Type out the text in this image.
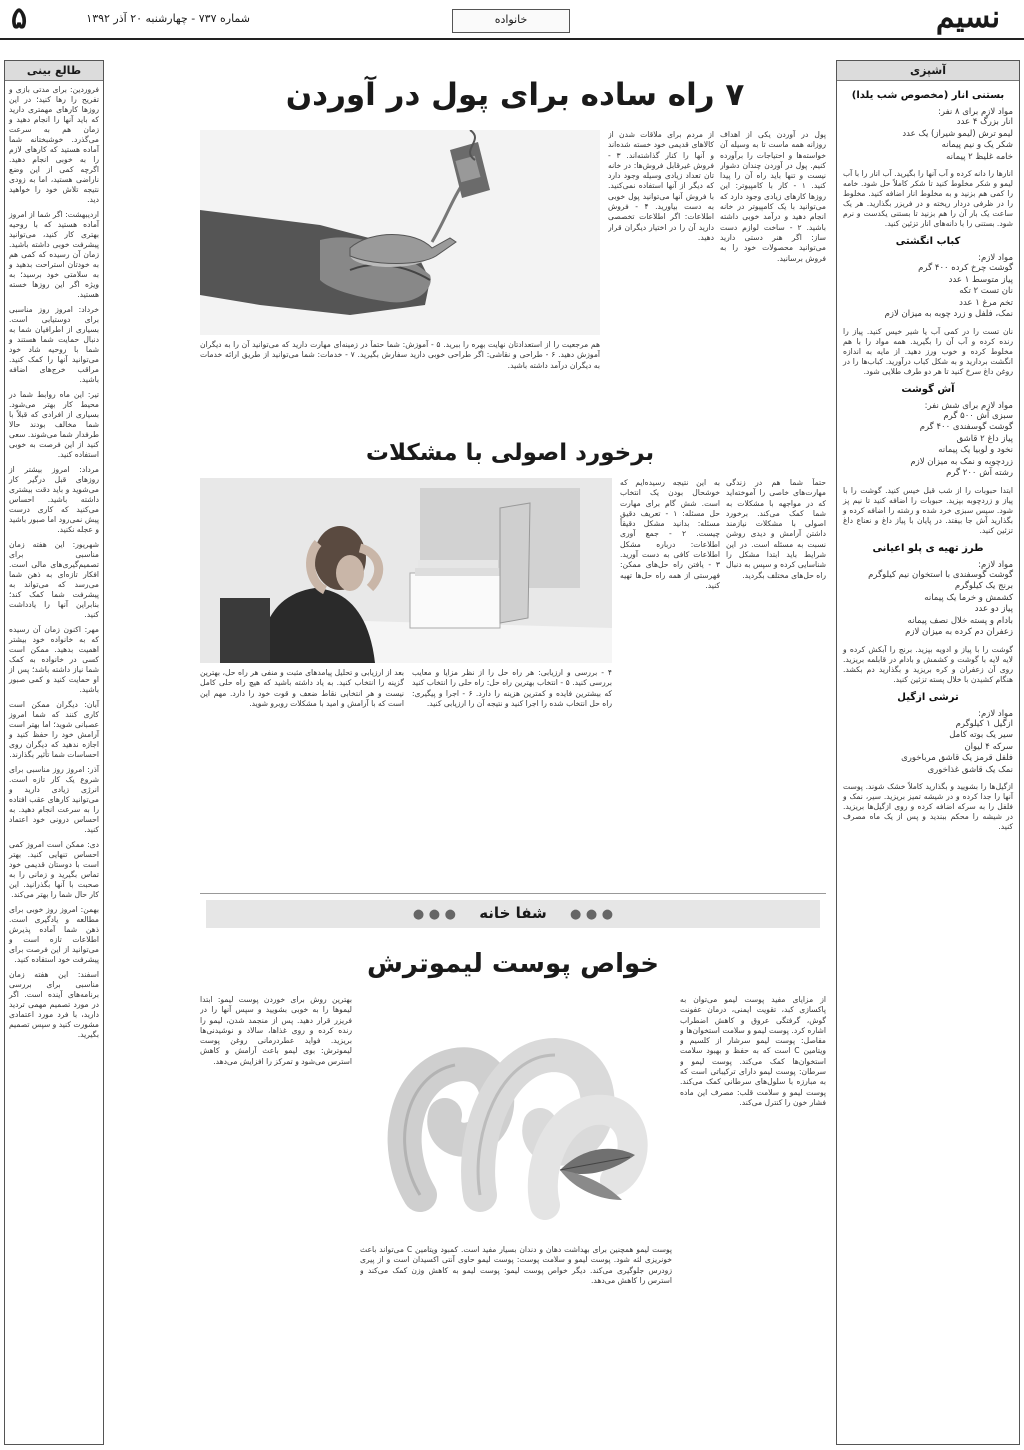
۵	شماره ۷۳۷ - چهارشنبه ۲۰ آذر ۱۳۹۲	خانواده	نسیم
طالع بینی

فروردین: برای مدتی بازی و تفریح را رها کنید؛ در این روزها کارهای مهمتری دارید که باید آنها را انجام دهید و زمان هم به سرعت می‌گذرد. خوشبختانه شما آماده هستید که کارهای لازم را به خوبی انجام دهید. اگرچه کمی از این وضع ناراضی هستید، اما به زودی نتیجه تلاش خود را خواهید دید.

اردیبهشت: اگر شما از امروز آماده هستید که با روحیه بهتری کار کنید، می‌توانید پیشرفت خوبی داشته باشید. زمان آن رسیده که کمی هم به خودتان استراحت بدهید و به سلامتی خود برسید؛ به ویژه اگر این روزها خسته هستید.

خرداد: امروز روز مناسبی برای دوستیابی است. بسیاری از اطرافیان شما به دنبال حمایت شما هستند و شما با روحیه شاد خود می‌توانید آنها را کمک کنید. مراقب خرج‌های اضافه باشید.

تیر: این ماه روابط شما در محیط کار بهتر می‌شود. بسیاری از افرادی که قبلاً با شما مخالف بودند حالا طرفدار شما می‌شوند. سعی کنید از این فرصت به خوبی استفاده کنید.

مرداد: امروز بیشتر از روزهای قبل درگیر کار می‌شوید و باید دقت بیشتری داشته باشید. احساس می‌کنید که کاری درست پیش نمی‌رود اما صبور باشید و عجله نکنید.

شهریور: این هفته زمان مناسبی برای تصمیم‌گیری‌های مالی است. افکار تازه‌ای به ذهن شما می‌رسد که می‌تواند به پیشرفت شما کمک کند؛ بنابراین آنها را یادداشت کنید.

مهر: اکنون زمان آن رسیده که به خانواده خود بیشتر اهمیت بدهید. ممکن است کسی در خانواده به کمک شما نیاز داشته باشد؛ پس از او حمایت کنید و کمی صبور باشید.

آبان: دیگران ممکن است کاری کنند که شما امروز عصبانی شوید؛ اما بهتر است آرامش خود را حفظ کنید و اجازه ندهید که دیگران روی احساسات شما تأثیر بگذارند.

آذر: امروز روز مناسبی برای شروع یک کار تازه است. انرژی زیادی دارید و می‌توانید کارهای عقب افتاده را به سرعت انجام دهید. به احساس درونی خود اعتماد کنید.

دی: ممکن است امروز کمی احساس تنهایی کنید. بهتر است با دوستان قدیمی خود تماس بگیرید و زمانی را به صحبت با آنها بگذرانید. این کار حال شما را بهتر می‌کند.

بهمن: امروز روز خوبی برای مطالعه و یادگیری است. ذهن شما آماده پذیرش اطلاعات تازه است و می‌توانید از این فرصت برای پیشرفت خود استفاده کنید.

اسفند: این هفته زمان مناسبی برای بررسی برنامه‌های آینده است. اگر در مورد تصمیم مهمی تردید دارید، با فرد مورد اعتمادی مشورت کنید و سپس تصمیم بگیرید.

آشپزی
بستنی انار (مخصوص شب یلدا)
مواد لازم برای ۸ نفر:
انار بزرگ ۴ عدد
لیمو ترش (لیمو شیراز) یک عدد
شکر یک و نیم پیمانه
خامه غلیظ ۲ پیمانه

انارها را دانه کرده و آب آنها را بگیرید. آب انار را با آب لیمو و شکر مخلوط کنید تا شکر کاملاً حل شود. خامه را کمی هم بزنید و به مخلوط انار اضافه کنید. مخلوط را در ظرفی دردار ریخته و در فریزر بگذارید. هر یک ساعت یک بار آن را هم بزنید تا بستنی یکدست و نرم شود. بستنی را با دانه‌های انار تزئین کنید.

کباب انگشتی
مواد لازم:
گوشت چرخ کرده ۴۰۰ گرم
پیاز متوسط ۱ عدد
نان تست ۲ تکه
تخم مرغ ۱ عدد
نمک، فلفل و زرد چوبه به میزان لازم

نان تست را در کمی آب یا شیر خیس کنید. پیاز را رنده کرده و آب آن را بگیرید. همه مواد را با هم مخلوط کرده و خوب ورز دهید. از مایه به اندازه انگشت بردارید و به شکل کباب درآورید. کباب‌ها را در روغن داغ سرخ کنید تا هر دو طرف طلایی شود.

آش گوشت
مواد لازم برای شش نفر:
سبزی آش ۵۰۰ گرم
گوشت گوسفندی ۴۰۰ گرم
پیاز داغ ۲ قاشق
نخود و لوبیا یک پیمانه
زردچوبه و نمک به میزان لازم
رشته آش ۲۰۰ گرم

ابتدا حبوبات را از شب قبل خیس کنید. گوشت را با پیاز و زردچوبه بپزید. حبوبات را اضافه کنید تا نیم پز شود. سپس سبزی خرد شده و رشته را اضافه کرده و بگذارید آش جا بیفتد. در پایان با پیاز داغ و نعناع داغ تزئین کنید.

طرز تهیه ی پلو اعیانی
مواد لازم:
گوشت گوسفندی با استخوان نیم کیلوگرم
برنج یک کیلوگرم
کشمش و خرما یک پیمانه
پیاز دو عدد
بادام و پسته خلال نصف پیمانه
زعفران دم کرده به میزان لازم

گوشت را با پیاز و ادویه بپزید. برنج را آبکش کرده و لایه لایه با گوشت و کشمش و بادام در قابلمه بریزید. روی آن زعفران و کره بریزید و بگذارید دم بکشد. هنگام کشیدن با خلال پسته تزئین کنید.

ترشی ازگیل
مواد لازم:
ازگیل ۱ کیلوگرم
سیر یک بوته کامل
سرکه ۴ لیوان
فلفل قرمز یک قاشق مرباخوری
نمک یک قاشق غذاخوری

ازگیل‌ها را بشویید و بگذارید کاملاً خشک شوند. پوست آنها را جدا کرده و در شیشه تمیز بریزید. سیر، نمک و فلفل را به سرکه اضافه کرده و روی ازگیل‌ها بریزید. در شیشه را محکم ببندید و پس از یک ماه مصرف کنید.

۷ راه ساده برای پول در آوردن
پول در آوردن یکی از اهداف روزانه همه ماست تا به وسیله آن خواسته‌ها و احتیاجات را برآورده کنیم. پول در آوردن چندان دشوار نیست و تنها باید راه آن را پیدا کنید. ۱ - کار با کامپیوتر: این روزها کارهای زیادی وجود دارد که می‌توانید با یک کامپیوتر در خانه انجام دهید و درآمد خوبی داشته باشید. ۲ - ساخت لوازم دست ساز: اگر هنر دستی دارید می‌توانید محصولات خود را به فروش برسانید.
از مردم برای ملاقات شدن از کالاهای قدیمی خود خسته شده‌اند و آنها را کنار گذاشته‌اند. ۳ - فروش غیرقابل فروش‌ها: در خانه تان تعداد زیادی وسیله وجود دارد که دیگر از آنها استفاده نمی‌کنید. با فروش آنها می‌توانید پول خوبی به دست بیاورید. ۴ - فروش اطلاعات: اگر اطلاعات تخصصی دارید آن را در اختیار دیگران قرار دهید.
هم مرجعیت را از استعدادتان نهایت بهره را ببرید. ۵ - آموزش: شما حتماً در زمینه‌ای مهارت دارید که می‌توانید آن را به دیگران آموزش دهید. ۶ - طراحی و نقاشی: اگر طراحی خوبی دارید سفارش بگیرید. ۷ - خدمات: شما می‌توانید از طریق ارائه خدمات به دیگران درآمد داشته باشید.
برخورد اصولی با مشکلات
حتماً شما هم در زندگی مهارت‌های خاصی را آموخته‌اید که در مواجهه با مشکلات به شما کمک می‌کند. برخورد اصولی با مشکلات نیازمند داشتن آرامش و دیدی روشن نسبت به مسئله است. در این شرایط باید ابتدا مشکل را شناسایی کرده و سپس به دنبال راه حل‌های مختلف بگردید.
به این نتیجه رسیده‌ایم که خوشحال بودن یک انتخاب است. شش گام برای مهارت حل مسئله: ۱ - تعریف دقیق مسئله: بدانید مشکل دقیقاً چیست. ۲ - جمع آوری اطلاعات: درباره مشکل اطلاعات کافی به دست آورید. ۳ - یافتن راه حل‌های ممکن: فهرستی از همه راه حل‌ها تهیه کنید.
۴ - بررسی و ارزیابی: هر راه حل را از نظر مزایا و معایب بررسی کنید. ۵ - انتخاب بهترین راه حل: راه حلی را انتخاب کنید که بیشترین فایده و کمترین هزینه را دارد. ۶ - اجرا و پیگیری: راه حل انتخاب شده را اجرا کنید و نتیجه آن را ارزیابی کنید.
بعد از ارزیابی و تحلیل پیامدهای مثبت و منفی هر راه حل، بهترین گزینه را انتخاب کنید. به یاد داشته باشید که هیچ راه حلی کامل نیست و هر انتخابی نقاط ضعف و قوت خود را دارد. مهم این است که با آرامش و امید با مشکلات روبرو شوید.
● ● ● شفا خانه ● ● ●
خواص پوست لیموترش
از مزایای مفید پوست لیمو می‌توان به پاکسازی کبد، تقویت ایمنی، درمان عفونت گوش، گرفتگی عروق و کاهش اضطراب اشاره کرد. پوست لیمو و سلامت استخوان‌ها و مفاصل: پوست لیمو سرشار از کلسیم و ویتامین C است که به حفظ و بهبود سلامت استخوان‌ها کمک می‌کند. پوست لیمو و سرطان: پوست لیمو دارای ترکیباتی است که به مبارزه با سلول‌های سرطانی کمک می‌کند. پوست لیمو و سلامت قلب: مصرف این ماده فشار خون را کنترل می‌کند.
پوست لیمو همچنین برای بهداشت دهان و دندان بسیار مفید است. کمبود ویتامین C می‌تواند باعث خونریزی لثه شود. پوست لیمو و سلامت پوست: پوست لیمو حاوی آنتی اکسیدان است و از پیری زودرس جلوگیری می‌کند. دیگر خواص پوست لیمو: پوست لیمو به کاهش وزن کمک می‌کند و استرس را کاهش می‌دهد.
بهترین روش برای خوردن پوست لیمو: ابتدا لیموها را به خوبی بشویید و سپس آنها را در فریزر قرار دهید. پس از منجمد شدن، لیمو را رنده کرده و روی غذاها، سالاد و نوشیدنی‌ها بریزید. فواید عطردرمانی روغن پوست لیموترش: بوی لیمو باعث آرامش و کاهش استرس می‌شود و تمرکز را افزایش می‌دهد.
